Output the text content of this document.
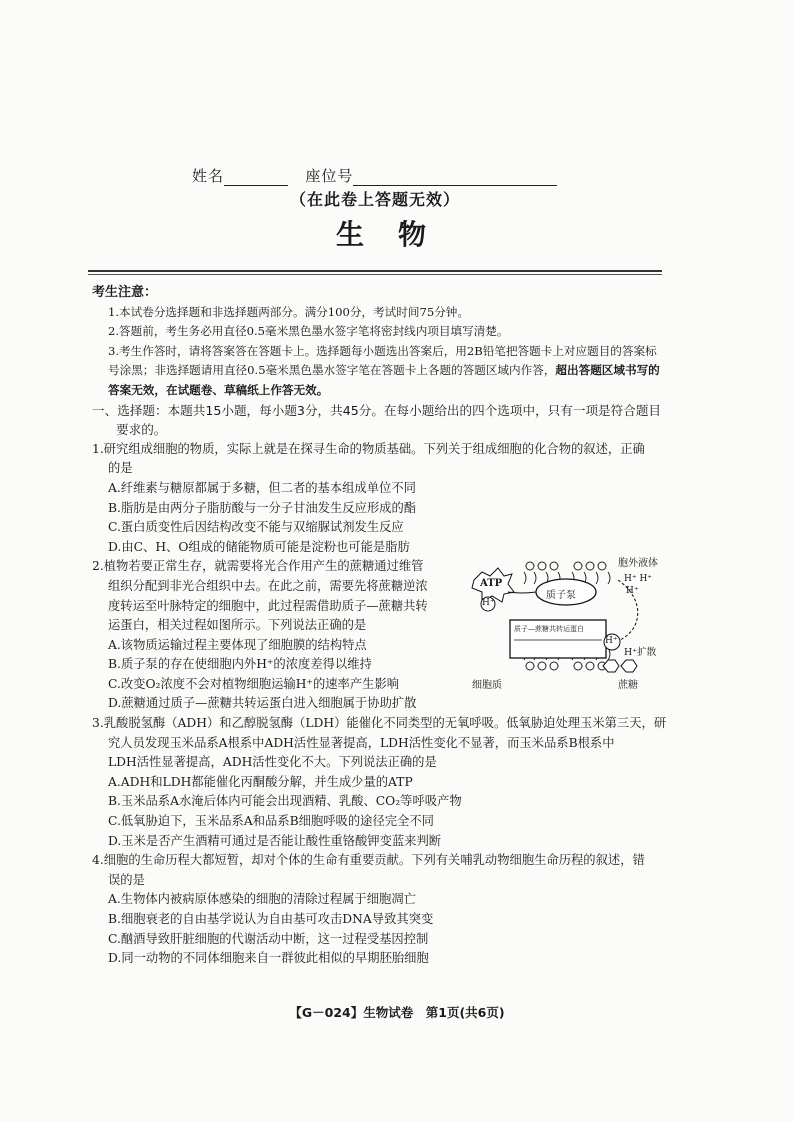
姓名	座位号
（在此卷上答题无效）
生物

考生注意：

1.本试卷分选择题和非选择题两部分。满分100分，考试时间75分钟。

2.答题前，考生务必用直径0.5毫米黑色墨水签字笔将密封线内项目填写清楚。

3.考生作答时，请将答案答在答题卡上。选择题每小题选出答案后，用2B铅笔把答题卡上对应题目的答案标号涂黑；非选择题请用直径0.5毫米黑色墨水签字笔在答题卡上各题的答题区域内作答，超出答题区域书写的答案无效，在试题卷、草稿纸上作答无效。

一、选择题：本题共15小题，每小题3分，共45分。在每小题给出的四个选项中，只有一项是符合题目
要求的。

1.研究组成细胞的物质，实际上就是在探寻生命的物质基础。下列关于组成细胞的化合物的叙述，正确
的是

A.纤维素与糖原都属于多糖，但二者的基本组成单位不同

B.脂肪是由两分子脂肪酸与一分子甘油发生反应形成的酯

C.蛋白质变性后因结构改变不能与双缩脲试剂发生反应

D.由C、H、O组成的储能物质可能是淀粉也可能是脂肪

2.植物若要正常生存，就需要将光合作用产生的蔗糖通过维管

组织分配到非光合组织中去。在此之前，需要先将蔗糖逆浓

度转运至叶脉特定的细胞中，此过程需借助质子—蔗糖共转

运蛋白，相关过程如图所示。下列说法正确的是

A.该物质运输过程主要体现了细胞膜的结构特点

B.质子泵的存在使细胞内外H⁺的浓度差得以维持

C.改变O₂浓度不会对植物细胞运输H⁺的速率产生影响

D.蔗糖通过质子—蔗糖共转运蛋白进入细胞属于协助扩散

3.乳酸脱氢酶（ADH）和乙醇脱氢酶（LDH）能催化不同类型的无氧呼吸。低氧胁迫处理玉米第三天，研

究人员发现玉米品系A根系中ADH活性显著提高，LDH活性变化不显著，而玉米品系B根系中

LDH活性显著提高，ADH活性变化不大。下列说法正确的是

A.ADH和LDH都能催化丙酮酸分解，并生成少量的ATP

B.玉米品系A水淹后体内可能会出现酒精、乳酸、CO₂等呼吸产物

C.低氧胁迫下，玉米品系A和品系B细胞呼吸的途径完全不同

D.玉米是否产生酒精可通过是否能让酸性重铬酸钾变蓝来判断

4.细胞的生命历程大都短暂，却对个体的生命有重要贡献。下列有关哺乳动物细胞生命历程的叙述，错
误的是

A.生物体内被病原体感染的细胞的清除过程属于细胞凋亡

B.细胞衰老的自由基学说认为自由基可攻击DNA导致其突变

C.酗酒导致肝脏细胞的代谢活动中断，这一过程受基因控制

D.同一动物的不同体细胞来自一群彼此相似的早期胚胎细胞

ATP
H⁺
质子泵
胞外液体
H⁺ H⁺
H⁺
质子—蔗糖共转运蛋白
H⁺
H⁺扩散
细胞质	蔗糖
【G－024】生物试卷　第1页(共6页)
